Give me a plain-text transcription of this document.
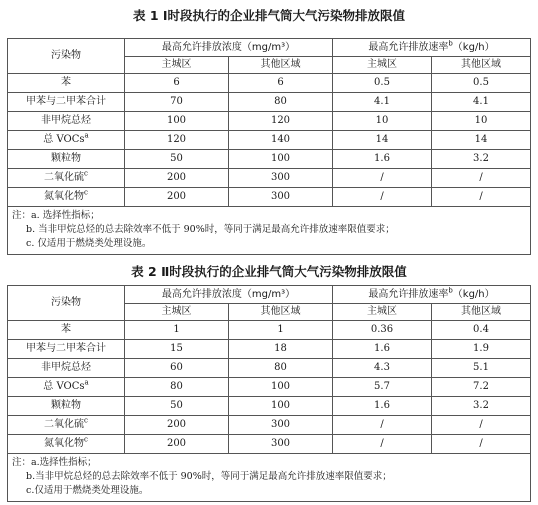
表 1 Ⅰ时段执行的企业排气筒大气污染物排放限值
污染物	最高允许排放浓度（mg/m³）		最高允许排放速率$^b$（kg/h）	
	主城区	其他区域	主城区	其他区域
苯	6	6	0.5	0.5
甲苯与二甲苯合计	70	80	4.1	4.1
非甲烷总烃	100	120	10	10
总 VOCs$^a$	120	140	14	14
颗粒物	50	100	1.6	3.2
二氧化硫$^c$	200	300	/	/
氮氧化物$^c$	200	300	/	/

注：a. 选择性指标；
b. 当非甲烷总烃的总去除效率不低于 90%时，等同于满足最高允许排放速率限值要求；
c. 仅适用于燃烧类处理设施。				
表 2 Ⅱ时段执行的企业排气筒大气污染物排放限值
污染物	最高允许排放浓度（mg/m³）		最高允许排放速率$^b$（kg/h）	
	主城区	其他区域	主城区	其他区域
苯	1	1	0.36	0.4
甲苯与二甲苯合计	15	18	1.6	1.9
非甲烷总烃	60	80	4.3	5.1
总 VOCs$^a$	80	100	5.7	7.2
颗粒物	50	100	1.6	3.2
二氧化硫$^c$	200	300	/	/
氮氧化物$^c$	200	300	/	/

注：a.选择性指标；
b.当非甲烷总烃的总去除效率不低于 90%时，等同于满足最高允许排放速率限值要求；
c.仅适用于燃烧类处理设施。				
